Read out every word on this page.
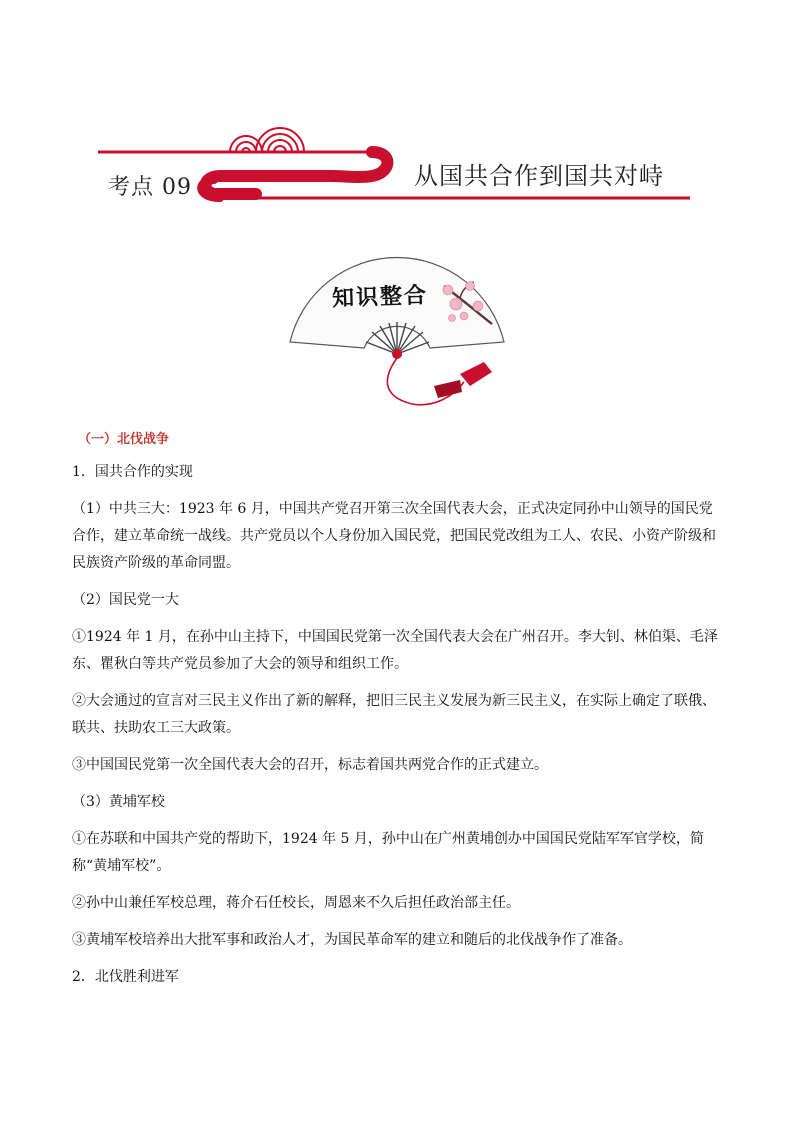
考点 09	从国共合作到国共对峙
知识整合
（一）北伐战争

1．国共合作的实现

（1）中共三大：1923 年 6 月，中国共产党召开第三次全国代表大会，正式决定同孙中山领导的国民党合作，建立革命统一战线。共产党员以个人身份加入国民党，把国民党改组为工人、农民、小资产阶级和民族资产阶级的革命同盟。

（2）国民党一大

①1924 年 1 月，在孙中山主持下，中国国民党第一次全国代表大会在广州召开。李大钊、林伯渠、毛泽东、瞿秋白等共产党员参加了大会的领导和组织工作。

②大会通过的宣言对三民主义作出了新的解释，把旧三民主义发展为新三民主义，在实际上确定了联俄、联共、扶助农工三大政策。

③中国国民党第一次全国代表大会的召开，标志着国共两党合作的正式建立。

（3）黄埔军校

①在苏联和中国共产党的帮助下，1924 年 5 月，孙中山在广州黄埔创办中国国民党陆军军官学校，简称“黄埔军校”。

②孙中山兼任军校总理，蒋介石任校长，周恩来不久后担任政治部主任。

③黄埔军校培养出大批军事和政治人才，为国民革命军的建立和随后的北伐战争作了准备。

2．北伐胜利进军
